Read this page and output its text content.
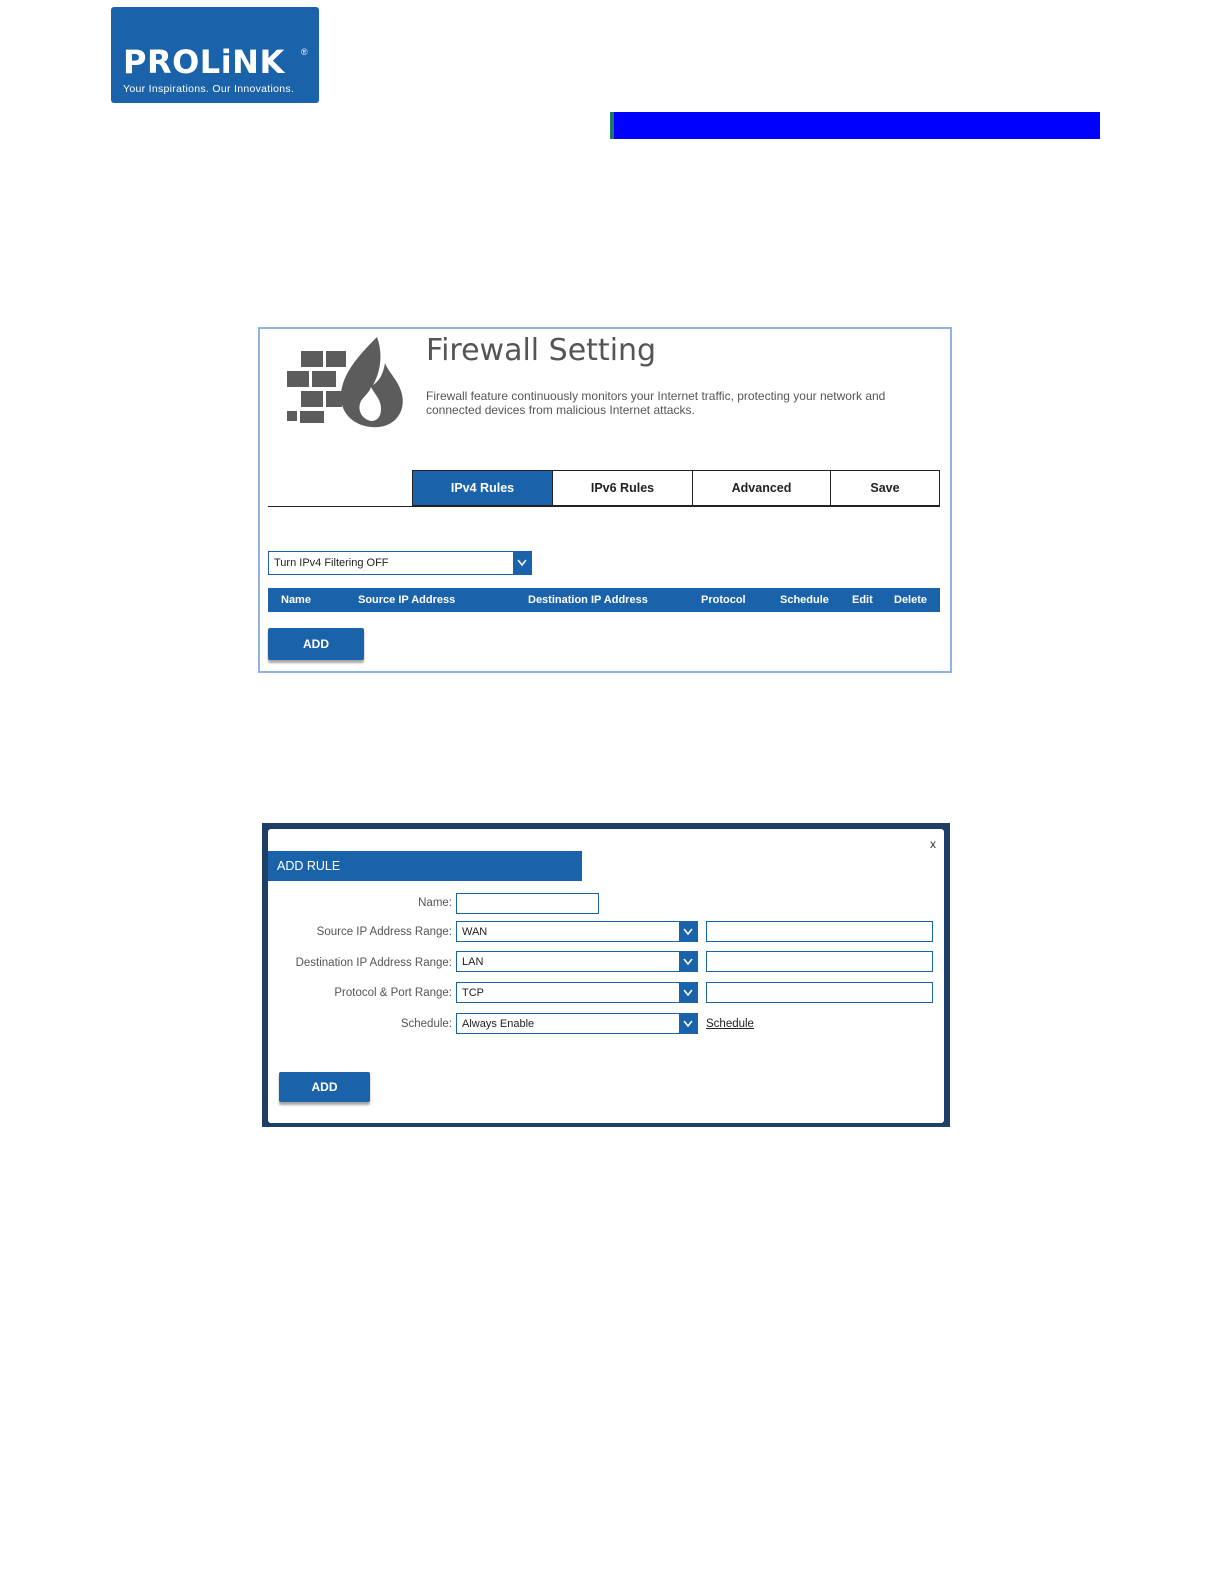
PROLiNK ®
Your Inspirations. Our Innovations.
Firewall Setting
Firewall feature continuously monitors your Internet traffic, protecting your network and connected devices from malicious Internet attacks.
IPv4 Rules	IPv6 Rules	Advanced	Save
Turn IPv4 Filtering OFF
Name	Source IP Address	Destination IP Address	Protocol	Schedule Edit Delete
ADD
x
ADD RULE
Name:
Source IP Address Range: WAN
Destination IP Address Range: LAN
Protocol & Port Range: TCP
Schedule: Always Enable	Schedule
ADD
